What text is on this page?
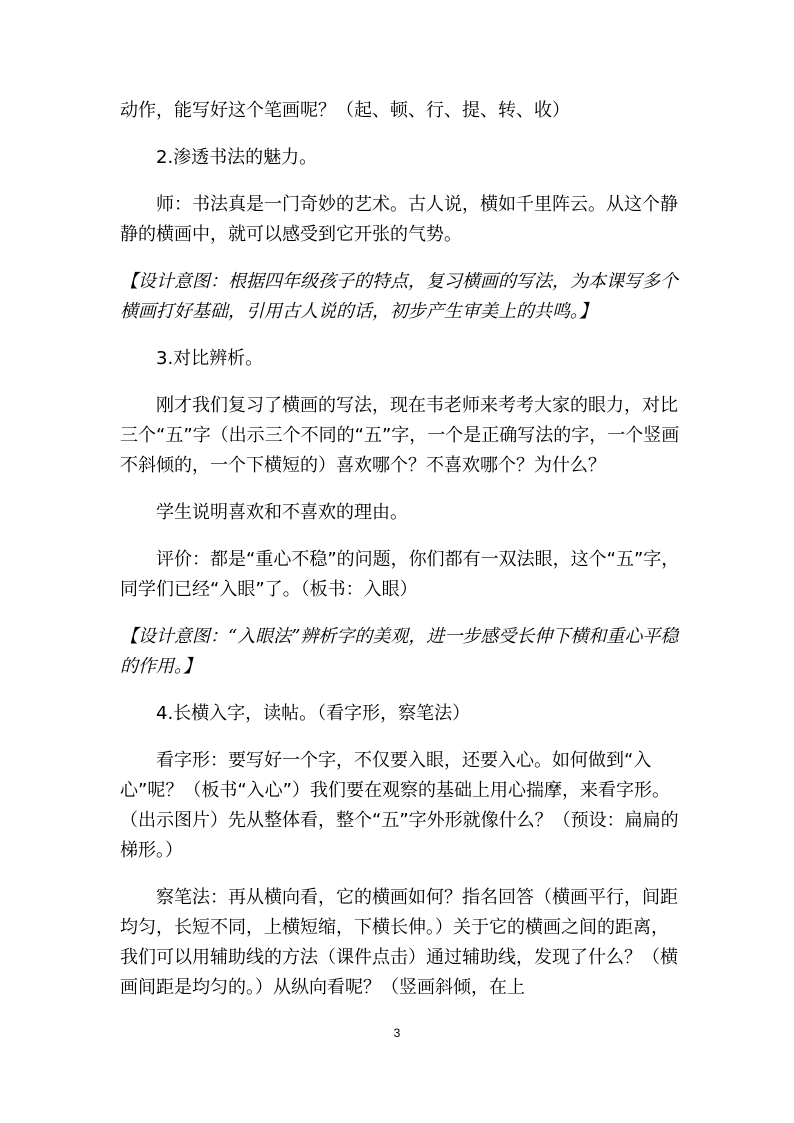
动作，能写好这个笔画呢？（起、顿、行、提、转、收）

2.渗透书法的魅力。

师：书法真是一门奇妙的艺术。古人说，横如千里阵云。从这个静静的横画中，就可以感受到它开张的气势。

【设计意图：根据四年级孩子的特点，复习横画的写法，为本课写多个横画打好基础，引用古人说的话，初步产生审美上的共鸣。】

3.对比辨析。

刚才我们复习了横画的写法，现在韦老师来考考大家的眼力，对比三个“五”字（出示三个不同的“五”字，一个是正确写法的字，一个竖画不斜倾的，一个下横短的）喜欢哪个？不喜欢哪个？为什么？

学生说明喜欢和不喜欢的理由。

评价：都是“重心不稳”的问题，你们都有一双法眼，这个“五”字，同学们已经“入眼”了。（板书：入眼）

【设计意图：“入眼法”辨析字的美观，进一步感受长伸下横和重心平稳的作用。】

4.长横入字，读帖。（看字形，察笔法）

看字形：要写好一个字，不仅要入眼，还要入心。如何做到“入心”呢？（板书“入心”）我们要在观察的基础上用心揣摩，来看字形。（出示图片）先从整体看，整个“五”字外形就像什么？（预设：扁扁的梯形。）

察笔法：再从横向看，它的横画如何？指名回答（横画平行，间距均匀，长短不同，上横短缩，下横长伸。）关于它的横画之间的距离，我们可以用辅助线的方法（课件点击）通过辅助线，发现了什么？（横画间距是均匀的。）从纵向看呢？（竖画斜倾，在上

3
